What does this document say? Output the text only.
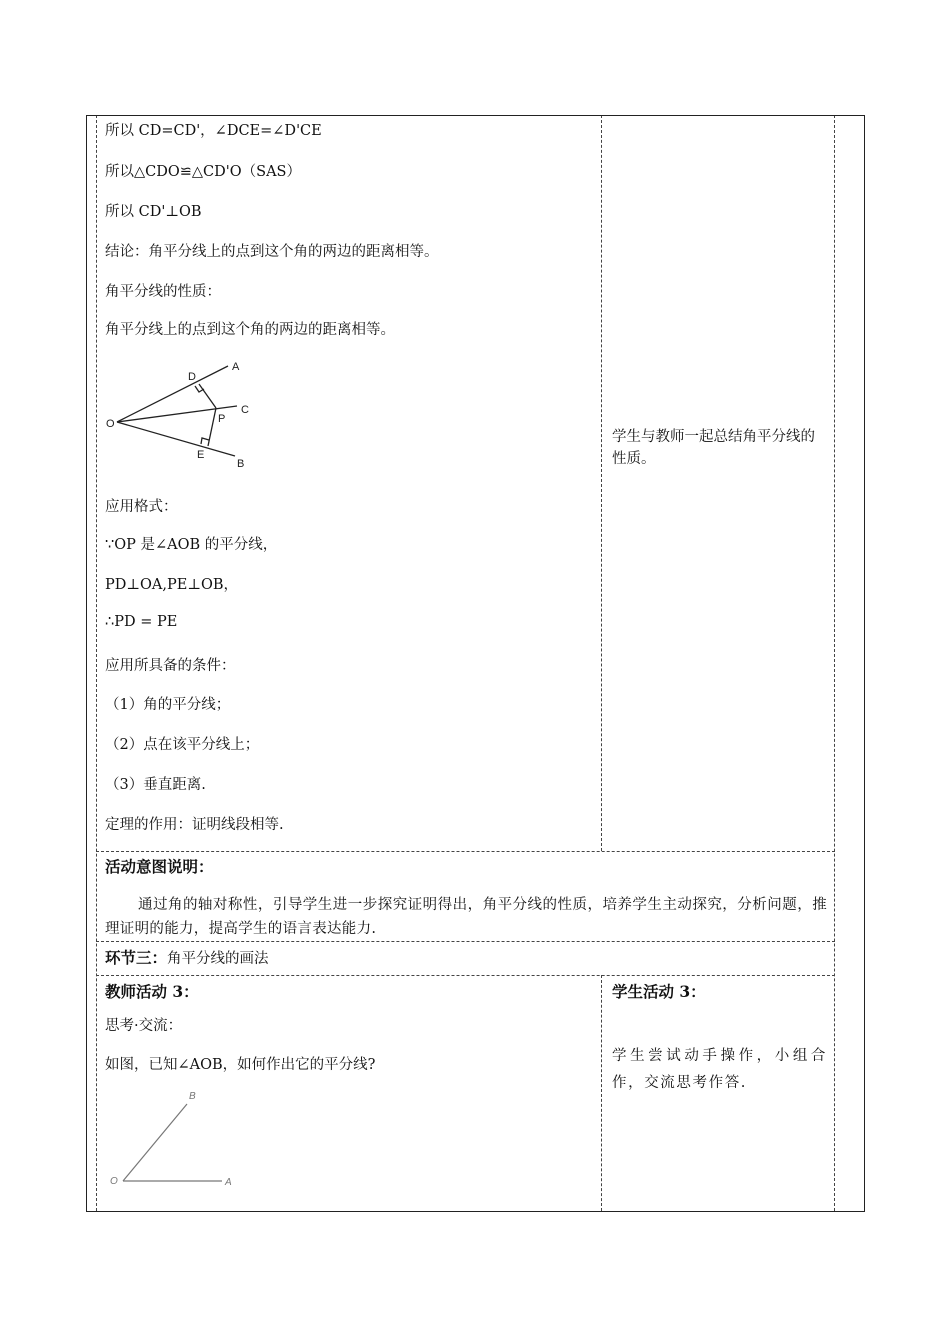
所以 CD=CD'，∠DCE=∠D'CE
所以△CDO≌△CD'O（SAS）
所以 CD'⊥OB
结论：角平分线上的点到这个角的两边的距离相等。
角平分线的性质：
角平分线上的点到这个角的两边的距离相等。
A
D
C
O	P
E
B
应用格式：
∵OP 是∠AOB 的平分线，
PD⊥OA,PE⊥OB，
∴PD = PE
应用所具备的条件：
（1）角的平分线；
（2）点在该平分线上；
（3）垂直距离.
定理的作用：证明线段相等.
学生与教师一起总结角平分线的性质。
活动意图说明：
通过角的轴对称性，引导学生进一步探究证明得出，角平分线的性质，培养学生主动探究，分析问题，推理证明的能力，提高学生的语言表达能力.
环节三：角平分线的画法
教师活动 3：
思考·交流：
如图，已知∠AOB，如何作出它的平分线?
B
O	A
学生活动 3：
学生尝试动手操作，小组合作，交流思考作答.
